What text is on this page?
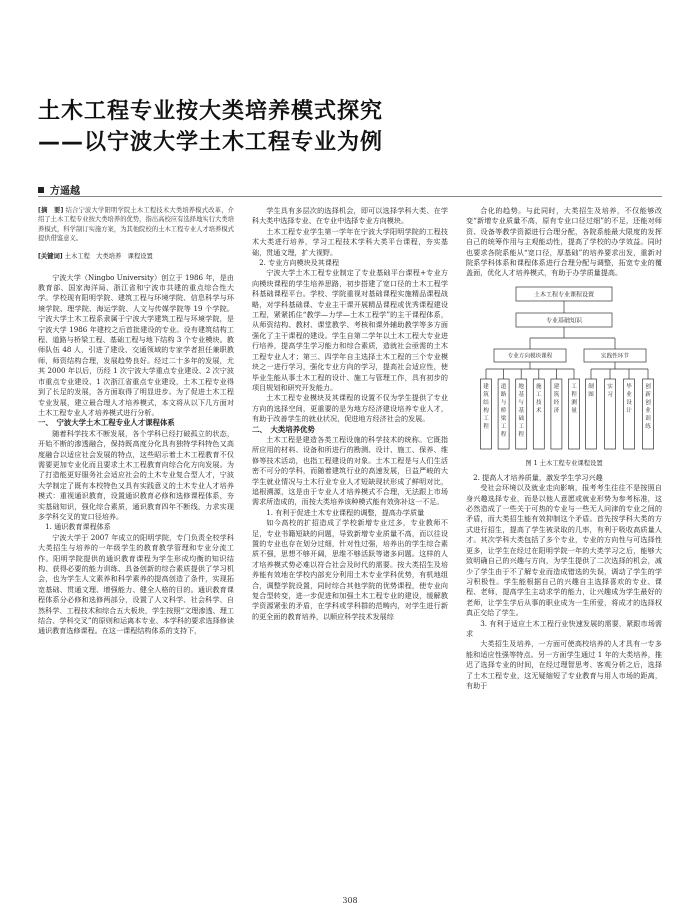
土木工程专业按大类培养模式探究
——以宁波大学土木工程专业为例
方遥越

[摘　要] 结合宁波大学阳明学院土木工程技术大类培养模式改革，介绍了土木工程专业按大类培养的优势，指出高校应有选择地实行大类培养模式，科学制订实施方案，为其他院校的土木工程专业人才培养模式提供借鉴意义。

[关键词] 土木工程　大类培养　课程设置

宁波大学（Ningbo University）创立于 1986 年，是由教育部、国家海洋局、浙江省和宁波市共建的重点综合性大学。学校现有阳明学院、建筑工程与环境学院、信息科学与环境学院、理学院、海运学院、人文与传媒学院等 19 个学院。宁波大学土木工程系隶属于宁波大学建筑工程与环境学院，是宁波大学 1986 年建校之后首批建设的专业。设有建筑结构工程、道路与桥梁工程、基础工程与地下结构 3 个专业模块。教师队伍 48 人，引进了建设、交通领域的专家学者担任兼职教师，师资结构合理，发展趋势良好。经过二十多年的发展，尤其 2000 年以后，历经 1 次宁波大学重点专业建设、2 次宁波市重点专业建设、1 次浙江省重点专业建设，土木工程专业得到了长足的发展，各方面取得了明显进步。为了促进土木工程专业发展，建立最合理人才培养模式，本文将从以下几方面对土木工程专业人才培养模式进行分析。

一、　宁波大学土木工程专业人才课程体系

随着科学技术不断发展，各个学科已经打破孤立的状态，开始不断的渗透融合，保持既高度分化具有独特学科特色又高度融合以适应社会发展的特点，这些昭示着土木工程教育不仅需要更加专业化而且要求土木工程教育向综合化方向发展。为了打造能更好服务社会适应社会的土木专业复合型人才，宁波大学制定了既有本校特色又具有实践意义的土木专业人才培养模式：重视通识教育，设置通识教育必修和选修课程体系，夯实基础知识，强化综合素质，通识教育四年不断线，力求实现多学科交叉的宽口径培养。

1. 通识教育课程体系

宁波大学于 2007 年成立的阳明学院，专门负责全校学科大类招生与培养的一年级学生的教育教学管理和专业分流工作。阳明学院提供的通识教育课程为学生形成均衡的知识结构、获得必要的能力训练、具备创新的综合素质提供了学习机会，也为学生人文素养和科学素养的提高创造了条件，实现拓宽基础、贯通文理、增强能力、健全人格的目的。通识教育课程体系分必修和选修两部分，设置了人文科学、社会科学、自然科学、工程技术和综合五大板块，学生按照“文理渗透、理工结合、学科交叉”的原则和运离本专业、本学科的要求选择修读通识教育选修课程。在这一课程结构体系的支持下，

学生具有多层次的选择机会，即可以选择学科大类、在学科大类中选择专业、在专业中选择专业方向模块。

土木工程专业学生第一学年在宁波大学阳明学院的工程技术大类进行培养，学习工程技术学科大类平台课程，夯实基础，贯通文理，扩大视野。

2. 专业方向模块及其课程

宁波大学土木工程专业制定了专业基础平台课程+专业方向模块课程的学生培养思路，初步搭建了宽口径的土木工程学科基础课程平台。学校、学院重视对基础课程实施精品课程战略，对学科基础课、专业主干课开展精品课程或优秀课程建设工程，紧紧抓住“教学—力学—土木工程学”的主干课程体系，从师资结构、教材、课堂教学、考核和课外辅助教学等多方面强化了主干课程的建设。学生自第二学年以土木工程大专业进行培养，提高学生学习能力和综合素质，造就社会亟需的土木工程专业人才；第三、四学年自主选择土木工程的三个专业模块之一进行学习，强化专业方向的学习，提高社会适应性，使毕业生能从事土木工程的设计、施工与管理工作，具有初步的项目规划和研究开发能力。

土木工程专业模块及其课程的设置不仅为学生提供了专业方向的选择空间，更重要的是为地方经济建设培养专业人才，有助于改善学生的就业状况，促进地方经济社会的发展。

二、　大类培养优势

土木工程是建造各类工程设施的科学技术的统称。它既指所应用的材料、设备和所进行的勘测、设计、施工、保养、维修等技术活动，也指工程建设的对象。土木工程是与人们生活密不可分的学科，而随着建筑行业的高速发展，日益严峻的大学生就业情况与土木行业专业人才短缺现状形成了鲜明对比，追根溯源，这是由于专业人才培养模式不合理，无法跟上市场需求所造成的，而按大类培养该种模式能有效弥补这一不足。

1. 有利于促进土木专业课程的调整，提高办学质量

如今高校的扩招造成了学校新增专业过多，专业教师不足，专业书籍短缺的问题，导致新增专业质量不高，而以往设置的专业也存在划分过细，针对性过强，培养出的学生综合素质不强，思想不够开阔，思维不够活跃等诸多问题。这样的人才培养模式势必难以符合社会及时代的需要。按大类招生及培养能有效地在学校内部充分利用土木专业学科优势，有机地组合，调整学院设置，同时综合其他学院的优势课程，使专业向复合型转变，进一步促进和加强土木工程专业的建设，缓解教学资源紧张的矛盾，在学科或学科群的范畴内，对学生进行新的更全面的教育培养，以顺应科学技术发展综

合化的趋势。与此同时，大类招生及培养，不仅能够改变“新增专业质量不高，原有专业口径过细”的不足，还能对师资、设备等教学资源进行合理分配，各院系能最大限度的发挥自己的统筹作用与主观能动性，提高了学校的办学效益。同时也要求各院系能从“宽口径，厚基础”的培养要求出发，重新对院系学科体系和课程体系进行合理分配与调整，拓宽专业的覆盖面，优化人才培养模式，有助于办学质量提高。

土木工程专业课程设置
专业基础知识
专业方向模块课程	实践性环节
建筑结构工程
道路与桥梁工程
地基与基础工程
施工技术
建筑经济
工程测量
制图
实习
毕业设计
创新创业训练

图 1 土木工程专业课程设置

2. 提高人才培养质量，激发学生学习兴趣

受社会环境以及就业走向影响，报考考生往往不是按照自身兴趣选择专业，而是以他人意愿或就业形势为参考标准，这必然造成了一些关于可热的专业与一些无人问津的专业之间的矛盾，而大类招生能有效抑制这个矛盾。首先按学科大类的方式进行招生，提高了学生被录取的几率，有利于吸收高质量人才。其次学科大类包括了多个专业，专业的方向性与可选择性更多，让学生在经过在阳明学院一年的大类学习之后，能够大致明确自己的兴趣与方向，为学生提供了二次选择的机会，减少了学生由于不了解专业而造成错选的失误，调动了学生的学习积极性。学生能根据自己的兴趣自主选择喜欢的专业、课程、老师，提高学生主动求学的能力，让兴趣成为学生最好的老师，让学生学后从事的职业成为一生所爱，将成才的选择权真正交给了学生。

3. 有利于适应土木工程行业快速发展的需要，紧跟市场需求

大类招生及培养，一方面可使高校培养的人才具有一专多能和适应性强等特点。另一方面学生通过 1 年的大类培养，推迟了选择专业的时间，在经过理智思考、客观分析之后，选择了土木工程专业，这无疑缩短了专业教育与用人市场的距离，有助于

308
